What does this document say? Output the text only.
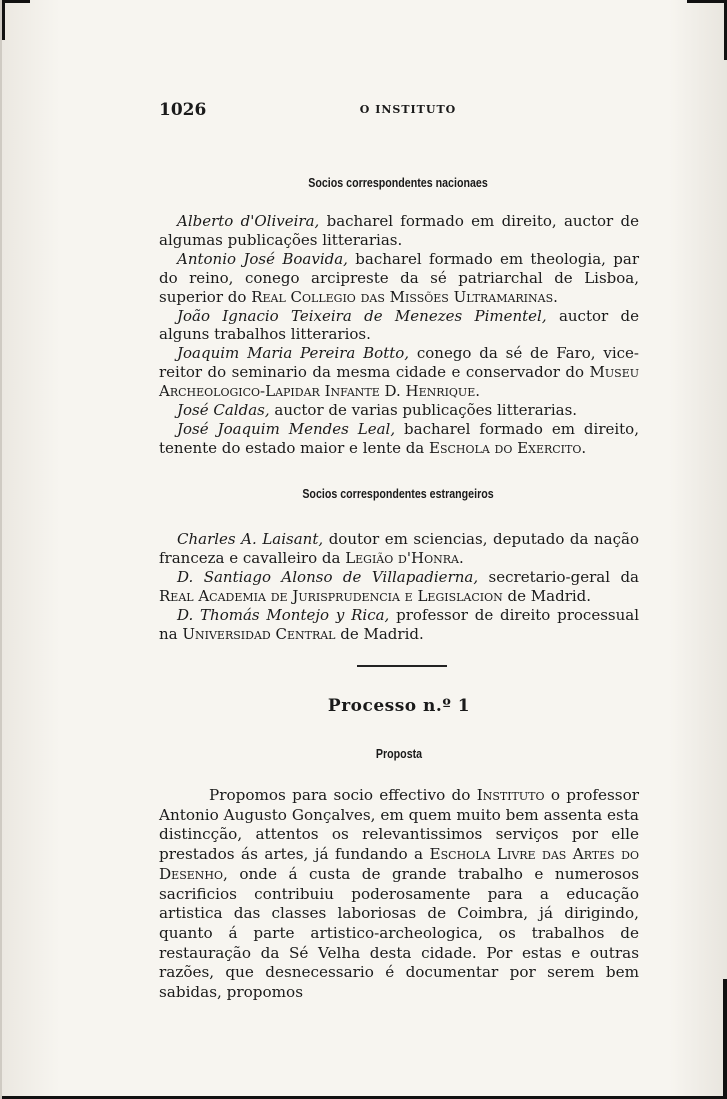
1026	O INSTITUTO
Socios correspondentes nacionaes

Alberto d'Oliveira, bacharel formado em direito, auctor de algumas publicações litterarias.

Antonio José Boavida, bacharel formado em theologia, par do reino, conego arcipreste da sé patriarchal de Lisboa, superior do Real Collegio das Missões Ultramarinas.

João Ignacio Teixeira de Menezes Pimentel, auctor de alguns trabalhos litterarios.

Joaquim Maria Pereira Botto, conego da sé de Faro, vice-reitor do seminario da mesma cidade e conservador do Museu Archeologico-Lapidar Infante D. Henrique.

José Caldas, auctor de varias publicações litterarias.

José Joaquim Mendes Leal, bacharel formado em direito, tenente do estado maior e lente da Eschola do Exercito.

Socios correspondentes estrangeiros

Charles A. Laisant, doutor em sciencias, deputado da nação franceza e cavalleiro da Legião d'Honra.

D. Santiago Alonso de Villapadierna, secretario-geral da Real Academia de Jurisprudencia e Legislacion de Madrid.

D. Thomás Montejo y Rica, professor de direito processual na Universidad Central de Madrid.

Processo n.º 1
Proposta

Propomos para socio effectivo do Instituto o professor Antonio Augusto Gonçalves, em quem muito bem assenta esta distincção, attentos os relevantissimos serviços por elle prestados ás artes, já fundando a Eschola Livre das Artes do Desenho, onde á custa de grande trabalho e numerosos sacrificios contribuiu poderosamente para a educação artistica das classes laboriosas de Coimbra, já dirigindo, quanto á parte artistico-archeologica, os trabalhos de restauração da Sé Velha desta cidade. Por estas e outras razões, que desnecessario é documentar por serem bem sabidas, propomos
